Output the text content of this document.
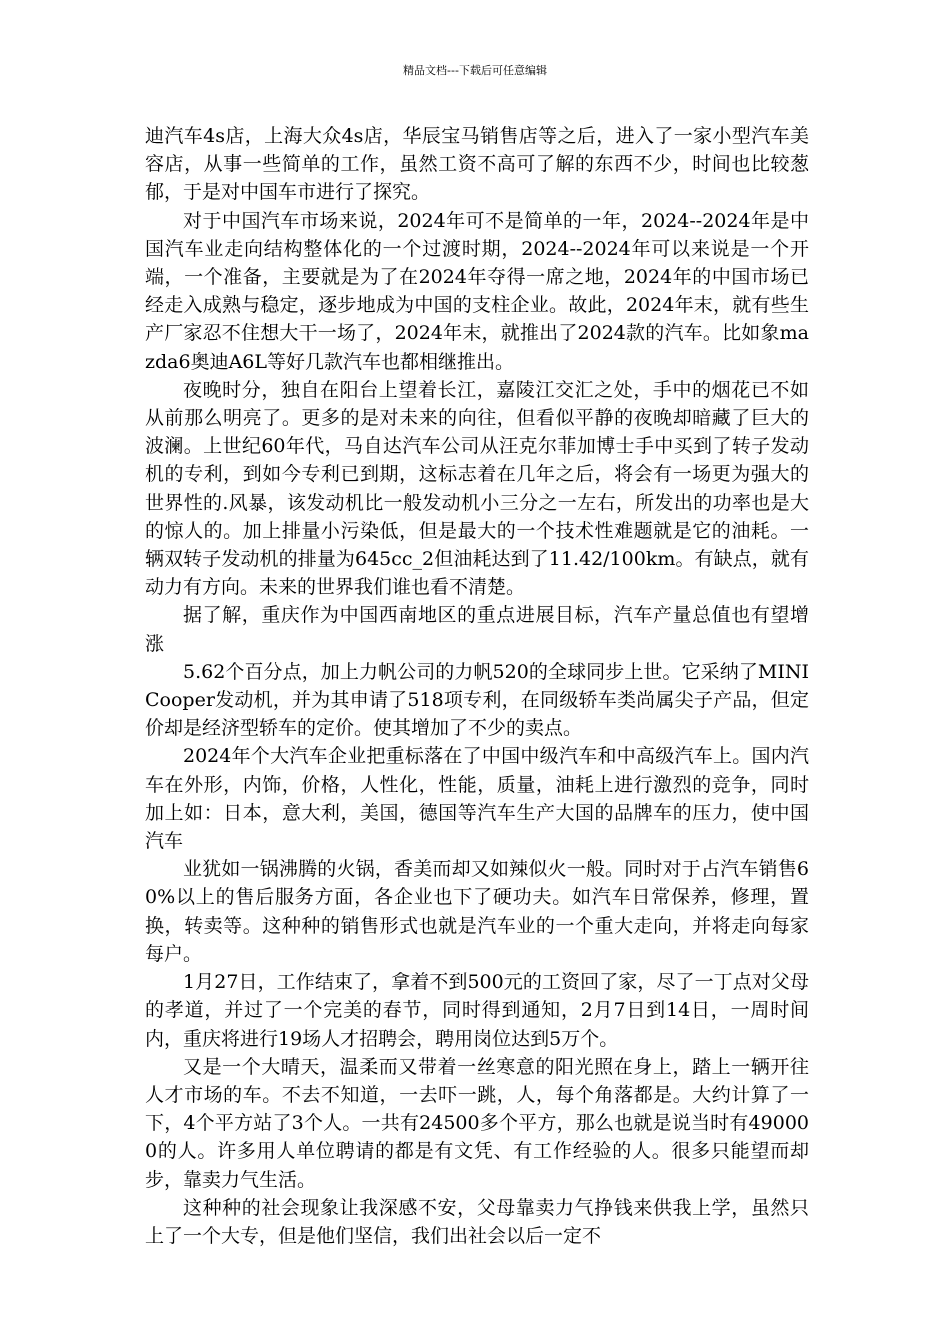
精品文档---下载后可任意编辑

迪汽车4s店，上海大众4s店，华辰宝马销售店等之后，进入了一家小型汽车美容店，从事一些简单的工作，虽然工资不高可了解的东西不少，时间也比较葱郁，于是对中国车市进行了探究。

对于中国汽车市场来说，2024年可不是简单的一年，2024--2024年是中国汽车业走向结构整体化的一个过渡时期，2024--2024年可以来说是一个开端，一个准备，主要就是为了在2024年夺得一席之地，2024年的中国市场已经走入成熟与稳定，逐步地成为中国的支柱企业。故此，2024年末，就有些生产厂家忍不住想大干一场了，2024年末，就推出了2024款的汽车。比如象mazda6奥迪A6L等好几款汽车也都相继推出。

夜晚时分，独自在阳台上望着长江，嘉陵江交汇之处，手中的烟花已不如从前那么明亮了。更多的是对未来的向往，但看似平静的夜晚却暗藏了巨大的波澜。上世纪60年代，马自达汽车公司从汪克尔菲加博士手中买到了转子发动机的专利，到如今专利已到期，这标志着在几年之后，将会有一场更为强大的世界性的.风暴，该发动机比一般发动机小三分之一左右，所发出的功率也是大的惊人的。加上排量小污染低，但是最大的一个技术性难题就是它的油耗。一辆双转子发动机的排量为645cc_2但油耗达到了11.42/100km。有缺点，就有动力有方向。未来的世界我们谁也看不清楚。

据了解，重庆作为中国西南地区的重点进展目标，汽车产量总值也有望增涨

5.62个百分点，加上力帆公司的力帆520的全球同步上世。它采纳了MINICooper发动机，并为其申请了518项专利，在同级轿车类尚属尖子产品，但定价却是经济型轿车的定价。使其增加了不少的卖点。

2024年个大汽车企业把重标落在了中国中级汽车和中高级汽车上。国内汽车在外形，内饰，价格，人性化，性能，质量，油耗上进行激烈的竞争，同时加上如：日本，意大利，美国，德国等汽车生产大国的品牌车的压力，使中国汽车

业犹如一锅沸腾的火锅，香美而却又如辣似火一般。同时对于占汽车销售60%以上的售后服务方面，各企业也下了硬功夫。如汽车日常保养，修理，置换，转卖等。这种种的销售形式也就是汽车业的一个重大走向，并将走向每家每户。

1月27日，工作结束了，拿着不到500元的工资回了家，尽了一丁点对父母的孝道，并过了一个完美的春节，同时得到通知，2月7日到14日，一周时间内，重庆将进行19场人才招聘会，聘用岗位达到5万个。

又是一个大晴天，温柔而又带着一丝寒意的阳光照在身上，踏上一辆开往人才市场的车。不去不知道，一去吓一跳，人，每个角落都是。大约计算了一下，4个平方站了3个人。一共有24500多个平方，那么也就是说当时有490000的人。许多用人单位聘请的都是有文凭、有工作经验的人。很多只能望而却步，靠卖力气生活。

这种种的社会现象让我深感不安，父母靠卖力气挣钱来供我上学，虽然只上了一个大专，但是他们坚信，我们出社会以后一定不
